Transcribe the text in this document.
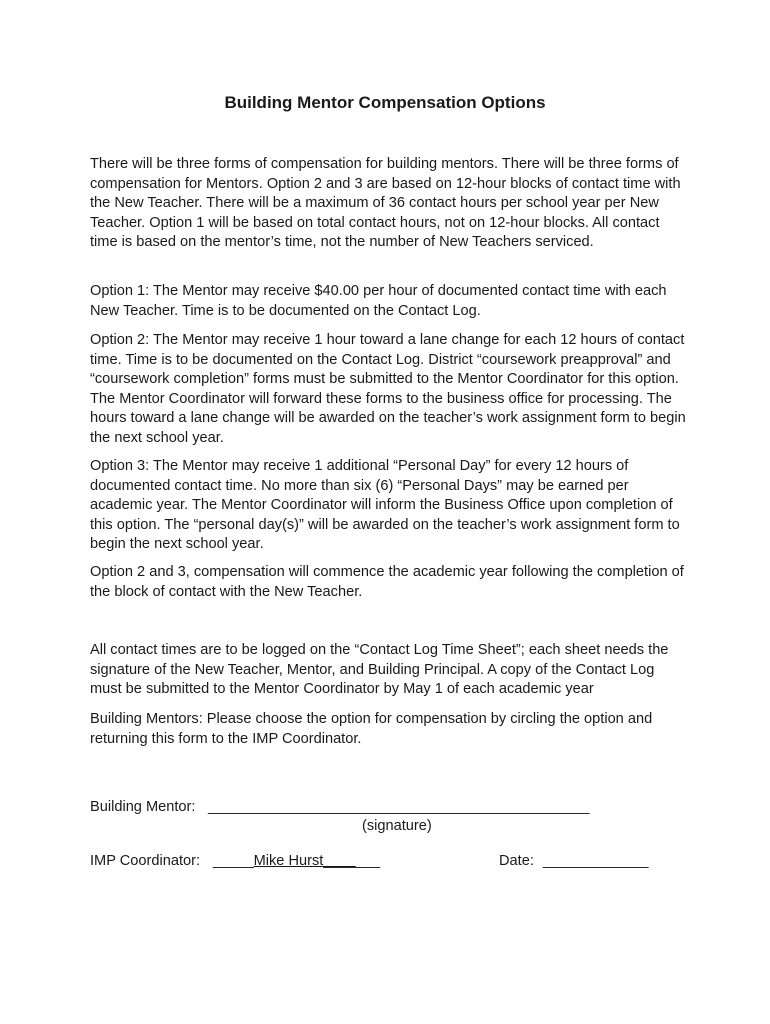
Building Mentor Compensation Options

There will be three forms of compensation for building mentors. There will be three forms of compensation for Mentors. Option 2 and 3 are based on 12-hour blocks of contact time with the New Teacher. There will be a maximum of 36 contact hours per school year per New Teacher. Option 1 will be based on total contact hours, not on 12-hour blocks. All contact time is based on the mentor’s time, not the number of New Teachers serviced.

Option 1: The Mentor may receive $40.00 per hour of documented contact time with each New Teacher. Time is to be documented on the Contact Log.

Option 2: The Mentor may receive 1 hour toward a lane change for each 12 hours of contact time. Time is to be documented on the Contact Log. District “coursework preapproval” and “coursework completion” forms must be submitted to the Mentor Coordinator for this option. The Mentor Coordinator will forward these forms to the business office for processing. The hours toward a lane change will be awarded on the teacher’s work assignment form to begin the next school year.

Option 3: The Mentor may receive 1 additional “Personal Day” for every 12 hours of documented contact time. No more than six (6) “Personal Days” may be earned per academic year. The Mentor Coordinator will inform the Business Office upon completion of this option. The “personal day(s)” will be awarded on the teacher’s work assignment form to begin the next school year.

Option 2 and 3, compensation will commence the academic year following the completion of the block of contact with the New Teacher.

All contact times are to be logged on the “Contact Log Time Sheet”; each sheet needs the signature of the New Teacher, Mentor, and Building Principal. A copy of the Contact Log must be submitted to the Mentor Coordinator by May 1 of each academic year

Building Mentors: Please choose the option for compensation by circling the option and returning this form to the IMP Coordinator.

Building Mentor: _______________________________________________
(signature)
IMP Coordinator: _____Mike Hurst_______	Date: _____________
